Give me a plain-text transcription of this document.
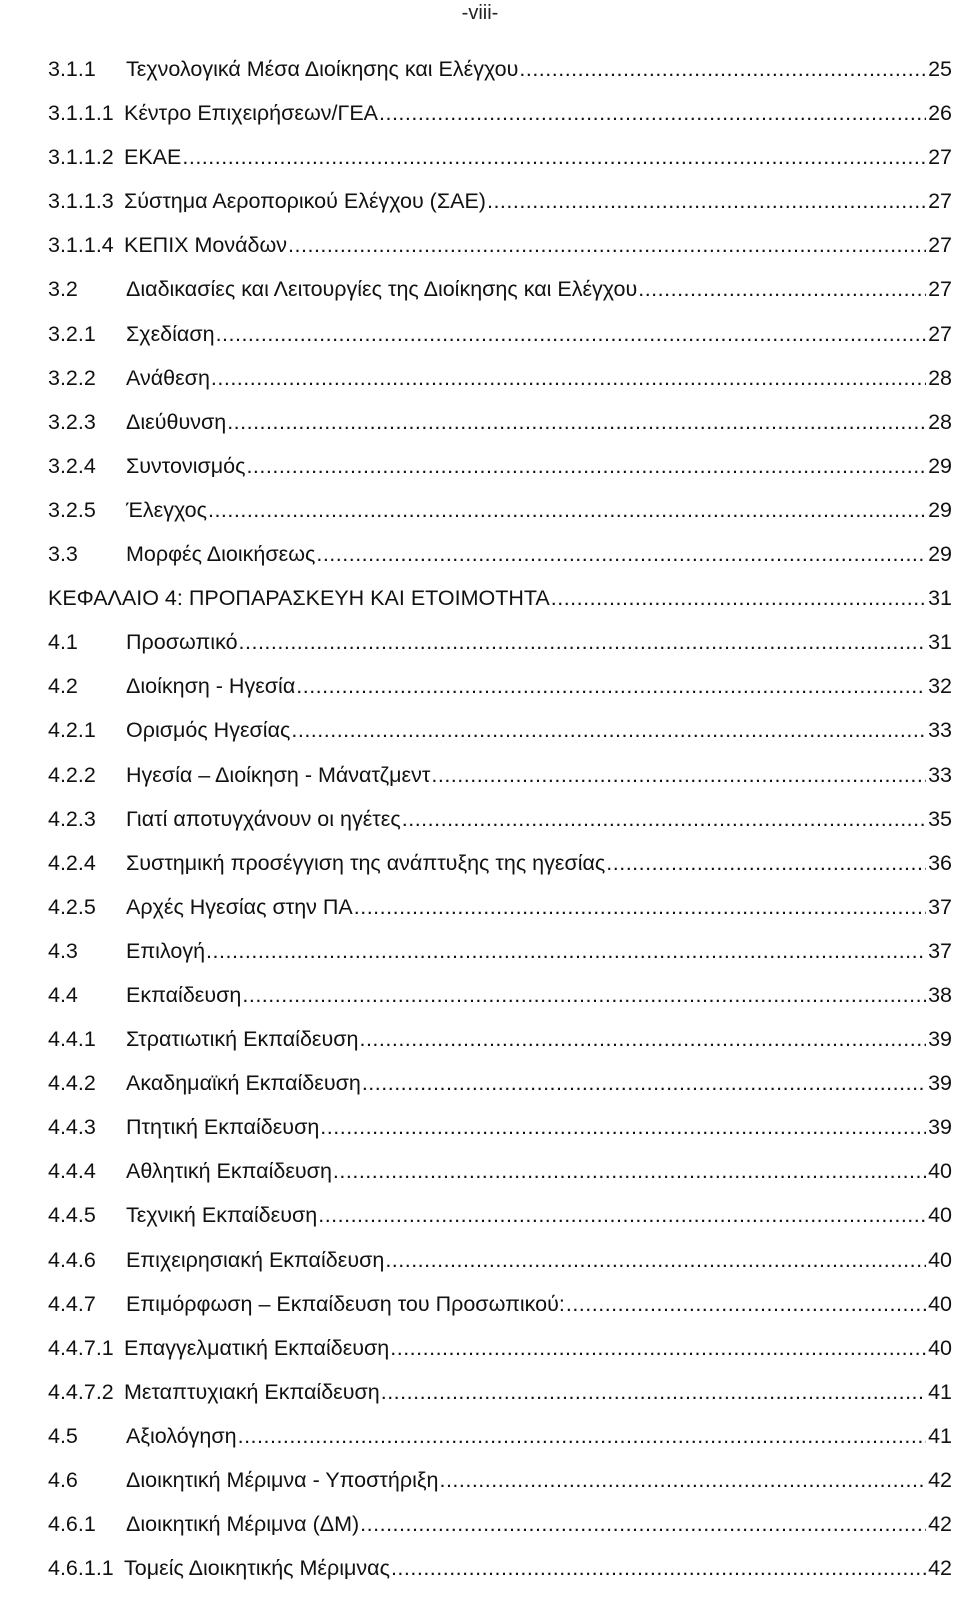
-viii-
3.1.1	Τεχνολογικά Μέσα Διοίκησης και Ελέγχου .....	25
3.1.1.1 Κέντρο Επιχειρήσεων/ΓΕΑ .....	26
3.1.1.2 ΕΚΑΕ .....	27
3.1.1.3 Σύστημα Αεροπορικού Ελέγχου (ΣΑΕ) .....	27
3.1.1.4 ΚΕΠΙΧ Μονάδων .....	27
3.2	Διαδικασίες και Λειτουργίες της Διοίκησης και Ελέγχου .....	27
3.2.1	Σχεδίαση .....	27
3.2.2	Ανάθεση .....	28
3.2.3	Διεύθυνση .....	28
3.2.4	Συντονισμός .....	29
3.2.5	Έλεγχος .....	29
3.3	Μορφές Διοικήσεως .....	29
ΚΕΦΑΛΑΙΟ 4: ΠΡΟΠΑΡΑΣΚΕΥΗ ΚΑΙ ΕΤΟΙΜΟΤΗΤΑ .....	31
4.1	Προσωπικό .....	31
4.2	Διοίκηση - Ηγεσία .....	32
4.2.1	Ορισμός Ηγεσίας .....	33
4.2.2	Ηγεσία – Διοίκηση - Μάνατζμεντ .....	33
4.2.3	Γιατί αποτυγχάνουν οι ηγέτες .....	35
4.2.4	Συστημική προσέγγιση της ανάπτυξης της ηγεσίας .....	36
4.2.5	Αρχές Ηγεσίας στην ΠΑ .....	37
4.3	Επιλογή .....	37
4.4	Εκπαίδευση .....	38
4.4.1	Στρατιωτική Εκπαίδευση .....	39
4.4.2	Ακαδημαϊκή Εκπαίδευση .....	39
4.4.3	Πτητική Εκπαίδευση .....	39
4.4.4	Αθλητική Εκπαίδευση .....	40
4.4.5	Τεχνική Εκπαίδευση .....	40
4.4.6	Επιχειρησιακή Εκπαίδευση .....	40
4.4.7	Επιμόρφωση – Εκπαίδευση του Προσωπικού: .....	40
4.4.7.1 Επαγγελματική Εκπαίδευση .....	40
4.4.7.2 Μεταπτυχιακή Εκπαίδευση .....	41
4.5	Αξιολόγηση .....	41
4.6	Διοικητική Μέριμνα - Υποστήριξη .....	42
4.6.1	Διοικητική Μέριμνα (ΔΜ) .....	42
4.6.1.1 Τομείς Διοικητικής Μέριμνας .....	42
